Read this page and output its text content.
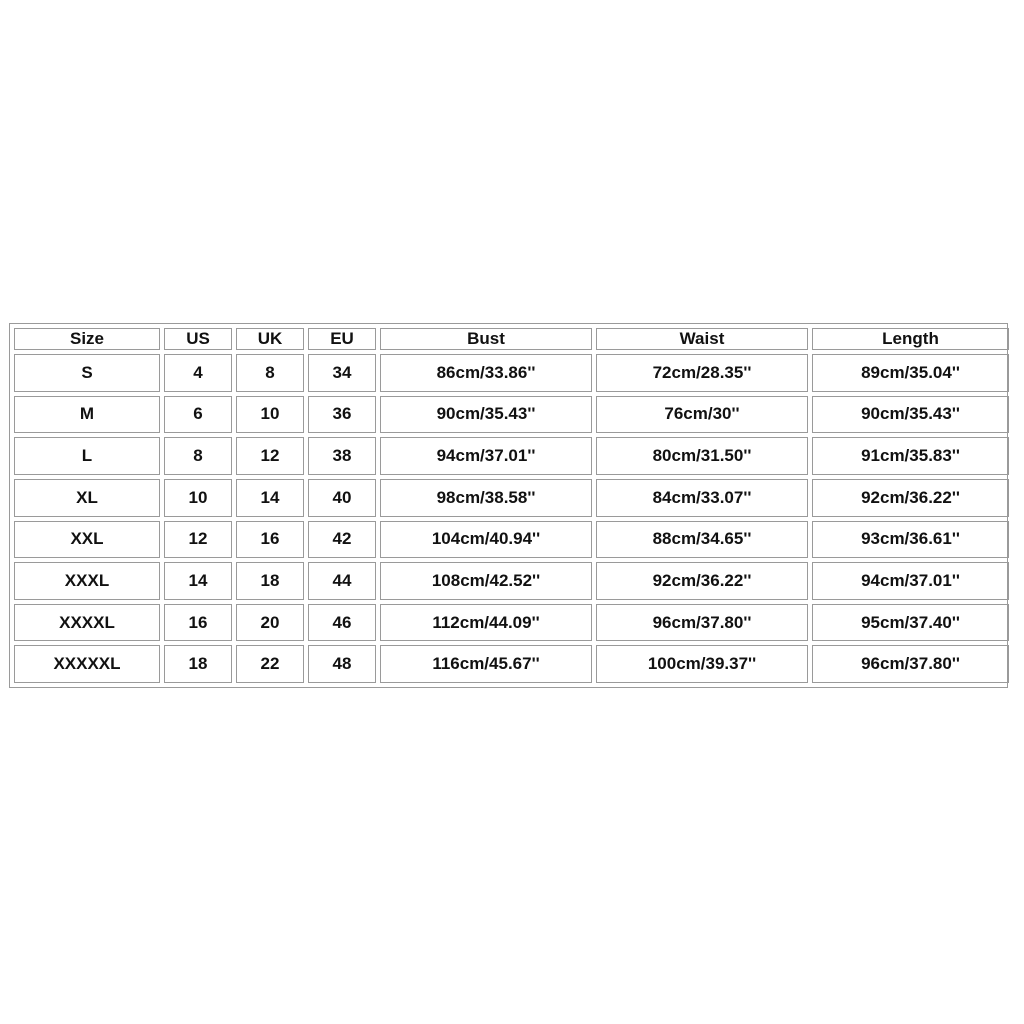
Size	US	UK	EU	Bust	Waist	Length
S	4	8	34	86cm/33.86''	72cm/28.35''	89cm/35.04''
M	6	10	36	90cm/35.43''	76cm/30''	90cm/35.43''
L	8	12	38	94cm/37.01''	80cm/31.50''	91cm/35.83''
XL	10	14	40	98cm/38.58''	84cm/33.07''	92cm/36.22''
XXL	12	16	42	104cm/40.94''	88cm/34.65''	93cm/36.61''
XXXL	14	18	44	108cm/42.52''	92cm/36.22''	94cm/37.01''
XXXXL	16	20	46	112cm/44.09''	96cm/37.80''	95cm/37.40''
XXXXXL	18	22	48	116cm/45.67''	100cm/39.37''	96cm/37.80''
